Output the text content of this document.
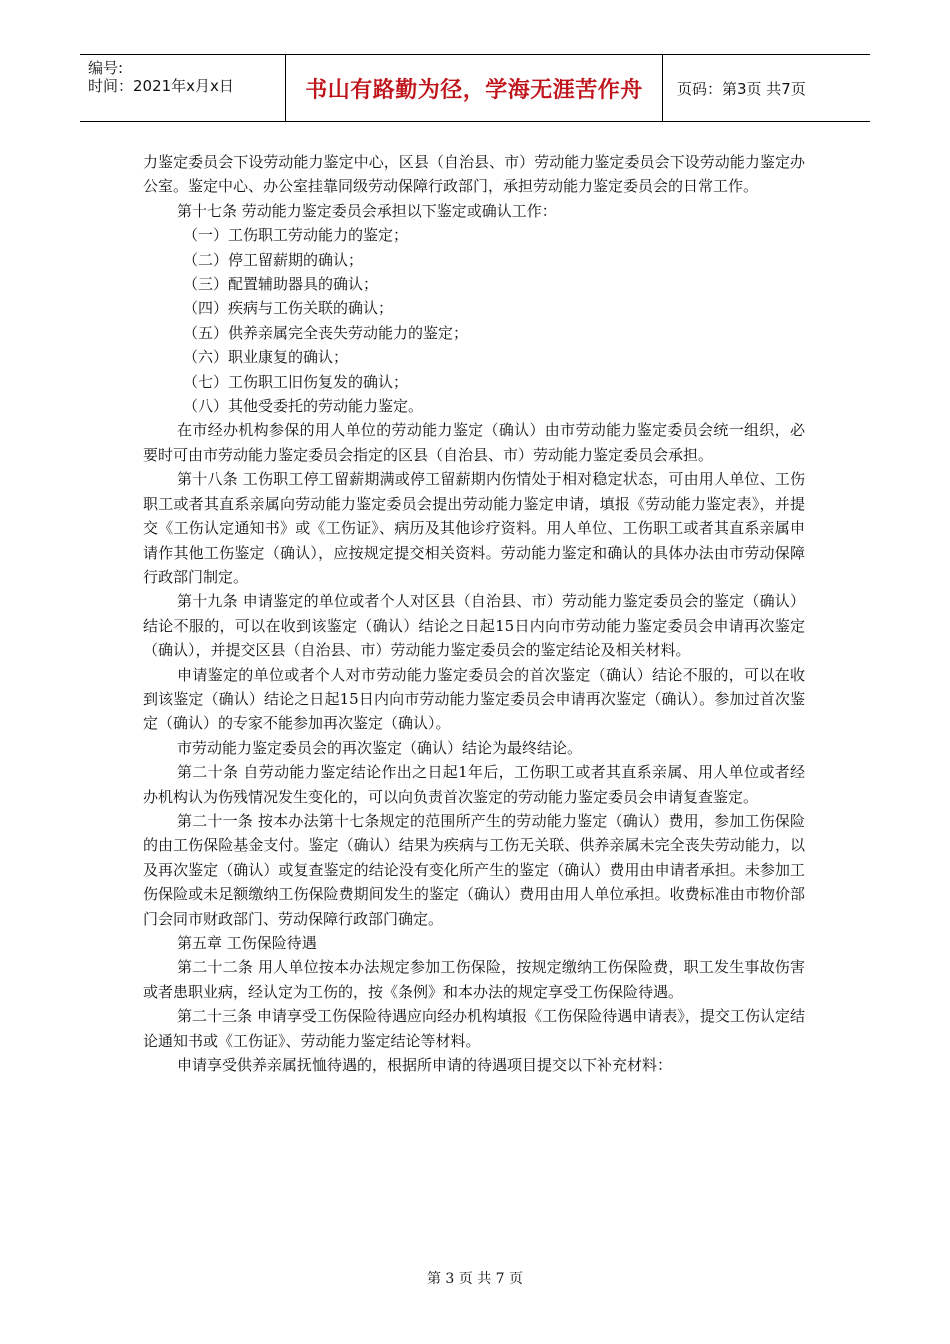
编号:
时间：2021年x月x日	书山有路勤为径，学海无涯苦作舟	页码：第3页 共7页

力鉴定委员会下设劳动能力鉴定中心，区县（自治县、市）劳动能力鉴定委员会下设劳动能力鉴定办公室。鉴定中心、办公室挂靠同级劳动保障行政部门，承担劳动能力鉴定委员会的日常工作。

第十七条 劳动能力鉴定委员会承担以下鉴定或确认工作：

（一）工伤职工劳动能力的鉴定；

（二）停工留薪期的确认；

（三）配置辅助器具的确认；

（四）疾病与工伤关联的确认；

（五）供养亲属完全丧失劳动能力的鉴定；

（六）职业康复的确认；

（七）工伤职工旧伤复发的确认；

（八）其他受委托的劳动能力鉴定。

在市经办机构参保的用人单位的劳动能力鉴定（确认）由市劳动能力鉴定委员会统一组织，必要时可由市劳动能力鉴定委员会指定的区县（自治县、市）劳动能力鉴定委员会承担。

第十八条 工伤职工停工留薪期满或停工留薪期内伤情处于相对稳定状态，可由用人单位、工伤职工或者其直系亲属向劳动能力鉴定委员会提出劳动能力鉴定申请，填报《劳动能力鉴定表》，并提交《工伤认定通知书》或《工伤证》、病历及其他诊疗资料。用人单位、工伤职工或者其直系亲属申请作其他工伤鉴定（确认），应按规定提交相关资料。劳动能力鉴定和确认的具体办法由市劳动保障行政部门制定。

第十九条 申请鉴定的单位或者个人对区县（自治县、市）劳动能力鉴定委员会的鉴定（确认）结论不服的，可以在收到该鉴定（确认）结论之日起15日内向市劳动能力鉴定委员会申请再次鉴定（确认），并提交区县（自治县、市）劳动能力鉴定委员会的鉴定结论及相关材料。

申请鉴定的单位或者个人对市劳动能力鉴定委员会的首次鉴定（确认）结论不服的，可以在收到该鉴定（确认）结论之日起15日内向市劳动能力鉴定委员会申请再次鉴定（确认）。参加过首次鉴定（确认）的专家不能参加再次鉴定（确认）。

市劳动能力鉴定委员会的再次鉴定（确认）结论为最终结论。

第二十条 自劳动能力鉴定结论作出之日起1年后，工伤职工或者其直系亲属、用人单位或者经办机构认为伤残情况发生变化的，可以向负责首次鉴定的劳动能力鉴定委员会申请复查鉴定。

第二十一条 按本办法第十七条规定的范围所产生的劳动能力鉴定（确认）费用，参加工伤保险的由工伤保险基金支付。鉴定（确认）结果为疾病与工伤无关联、供养亲属未完全丧失劳动能力，以及再次鉴定（确认）或复查鉴定的结论没有变化所产生的鉴定（确认）费用由申请者承担。未参加工伤保险或未足额缴纳工伤保险费期间发生的鉴定（确认）费用由用人单位承担。收费标准由市物价部门会同市财政部门、劳动保障行政部门确定。

第五章 工伤保险待遇

第二十二条 用人单位按本办法规定参加工伤保险，按规定缴纳工伤保险费，职工发生事故伤害或者患职业病，经认定为工伤的，按《条例》和本办法的规定享受工伤保险待遇。

第二十三条 申请享受工伤保险待遇应向经办机构填报《工伤保险待遇申请表》，提交工伤认定结论通知书或《工伤证》、劳动能力鉴定结论等材料。

申请享受供养亲属抚恤待遇的，根据所申请的待遇项目提交以下补充材料：

第 3 页 共 7 页
